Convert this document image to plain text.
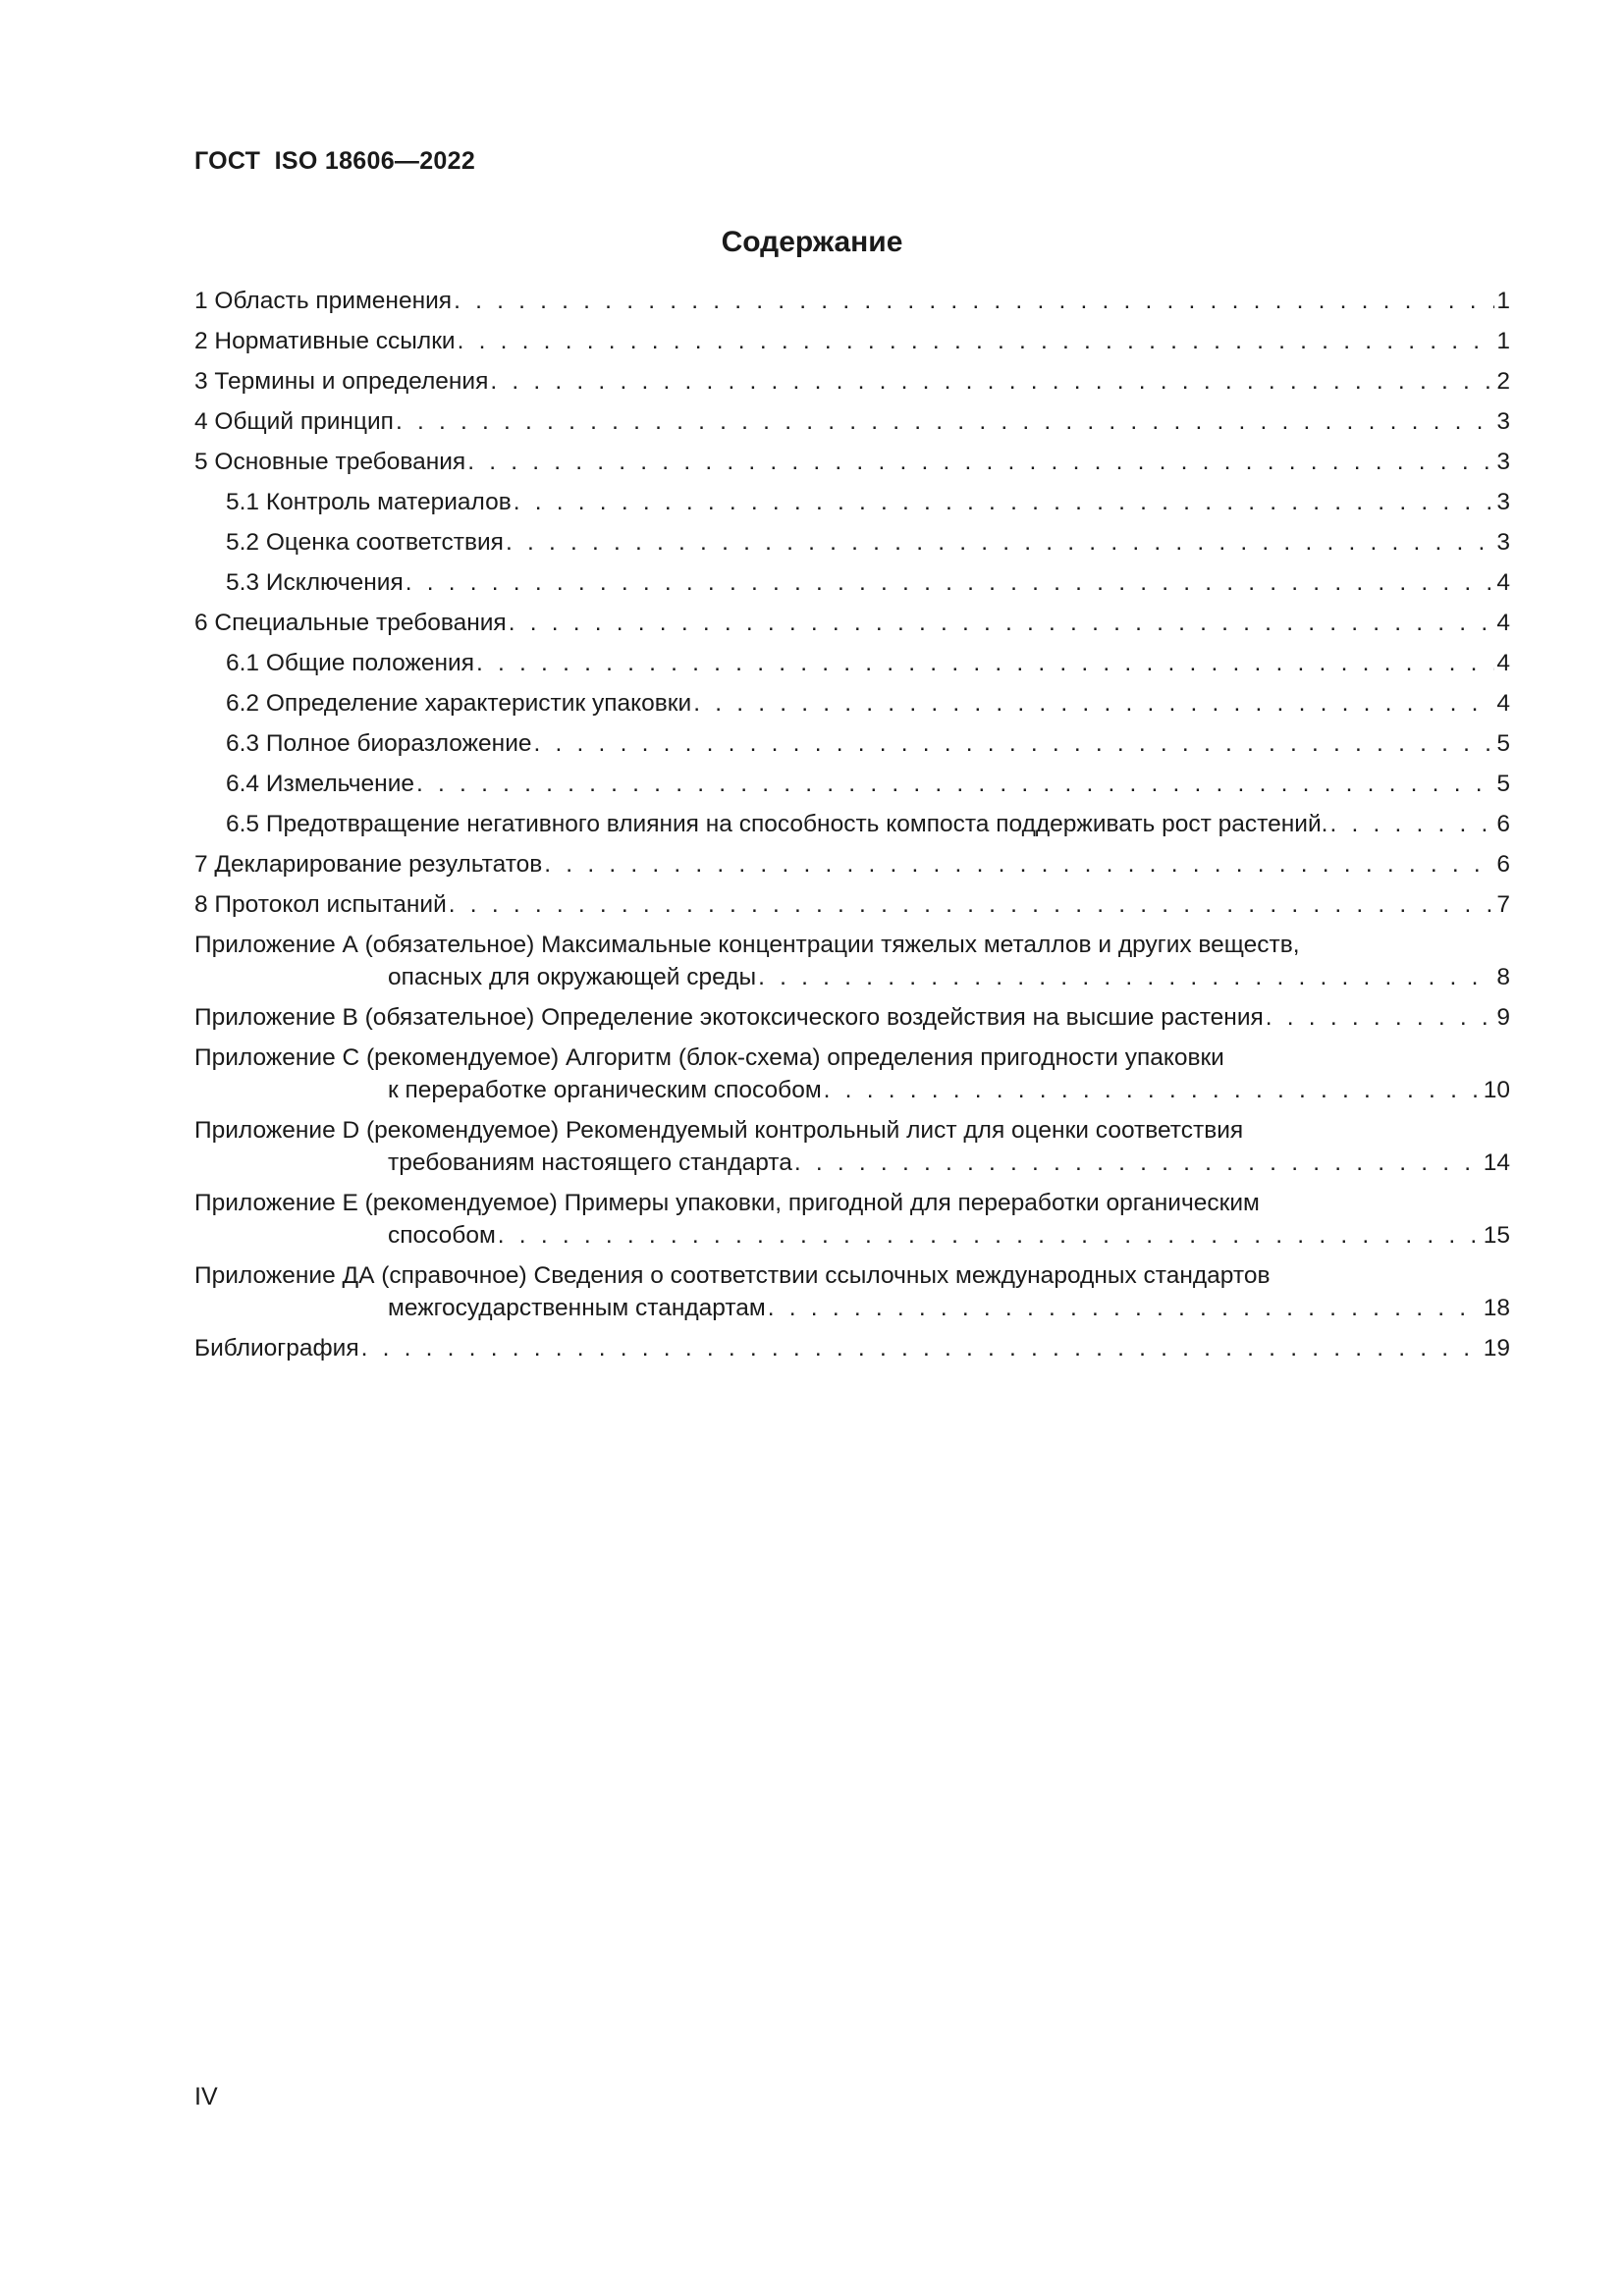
ГОСТ  ISO 18606—2022
Содержание
1 Область применения . . .	1
2 Нормативные ссылки . . .	1
3 Термины и определения . . .	2
4 Общий принцип . . .	3
5 Основные требования . . .	3
5.1 Контроль материалов . . .	3
5.2 Оценка соответствия . . .	3
5.3 Исключения . . .	4
6 Специальные требования . . .	4
6.1 Общие положения . . .	4
6.2 Определение характеристик упаковки . . .	4
6.3 Полное биоразложение . . .	5
6.4 Измельчение . . .	5
6.5 Предотвращение негативного влияния на способность компоста поддерживать рост растений. . . .	6
7 Декларирование результатов . . .	6
8 Протокол испытаний . . .	7
Приложение А (обязательное) Максимальные концентрации тяжелых металлов и других веществ,
опасных для окружающей среды . . .	8
Приложение В (обязательное) Определение экотоксического воздействия на высшие растения . . .	9
Приложение С (рекомендуемое) Алгоритм (блок-схема) определения пригодности упаковки
к переработке органическим способом . . .	10
Приложение D (рекомендуемое) Рекомендуемый контрольный лист для оценки соответствия
требованиям настоящего стандарта . . .	14
Приложение Е (рекомендуемое) Примеры упаковки, пригодной для переработки органическим
способом . . .	15
Приложение ДА (справочное) Сведения о соответствии ссылочных международных стандартов
межгосударственным стандартам . . .	18
Библиография . . .	19
IV
